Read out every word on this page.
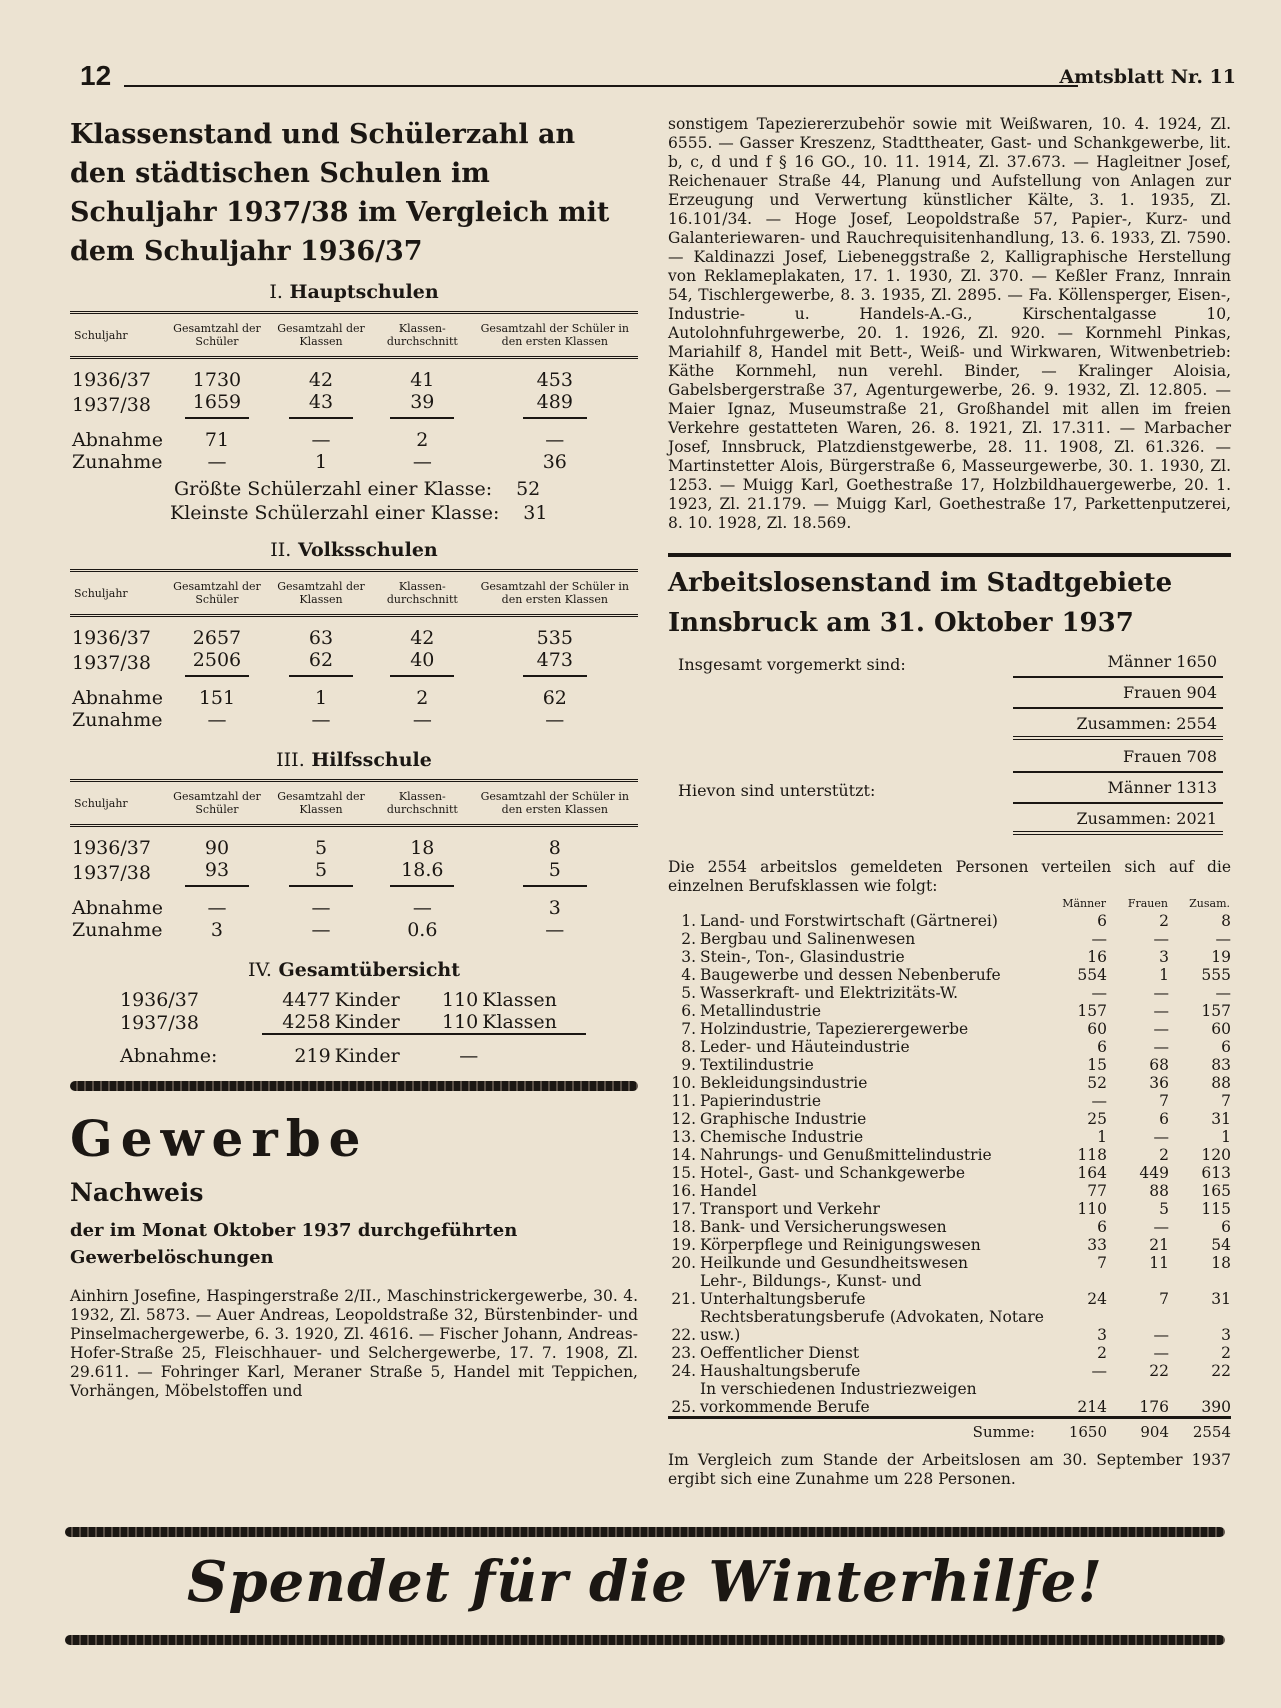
12	Amtsblatt Nr. 11
Klassenstand und Schülerzahl an den städtischen Schulen im Schuljahr 1937/38 im Vergleich mit dem Schuljahr 1936/37
I. Hauptschulen
Schuljahr	Gesamtzahl der Schüler	Gesamtzahl der Klassen	Klassen-durchschnitt	Gesamtzahl der Schüler in den ersten Klassen
1936/37	1730	42	41	453
1937/38	1659	43	39	489
Abnahme	71	—	2	—
Zunahme	—	1	—	36
Größte Schülerzahl einer Klasse: 52
Kleinste Schülerzahl einer Klasse: 31
II. Volksschulen
Schuljahr	Gesamtzahl der Schüler	Gesamtzahl der Klassen	Klassen-durchschnitt	Gesamtzahl der Schüler in den ersten Klassen
1936/37	2657	63	42	535
1937/38	2506	62	40	473
Abnahme	151	1	2	62
Zunahme	—	—	—	—
III. Hilfsschule
Schuljahr	Gesamtzahl der Schüler	Gesamtzahl der Klassen	Klassen-durchschnitt	Gesamtzahl der Schüler in den ersten Klassen
1936/37	90	5	18	8
1937/38	93	5	18.6	5
Abnahme	—	—	—	3
Zunahme	3	—	0.6	—
IV. Gesamtübersicht
1936/37	4477	Kinder	110	Klassen
1937/38	4258	Kinder	110	Klassen
Abnahme:	219	Kinder	—	
Gewerbe
Nachweis
der im Monat Oktober 1937 durchgeführten Gewerbelöschungen
Ainhirn Josefine, Haspingerstraße 2/II., Maschinstrickergewerbe, 30. 4. 1932, Zl. 5873. — Auer Andreas, Leopoldstraße 32, Bürstenbinder- und Pinselmachergewerbe, 6. 3. 1920, Zl. 4616. — Fischer Johann, Andreas-Hofer-Straße 25, Fleischhauer- und Selchergewerbe, 17. 7. 1908, Zl. 29.611. — Fohringer Karl, Meraner Straße 5, Handel mit Teppichen, Vorhängen, Möbelstoffen und
sonstigem Tapeziererzubehör sowie mit Weißwaren, 10. 4. 1924, Zl. 6555. — Gasser Kreszenz, Stadttheater, Gast- und Schankgewerbe, lit. b, c, d und f § 16 GO., 10. 11. 1914, Zl. 37.673. — Hagleitner Josef, Reichenauer Straße 44, Planung und Aufstellung von Anlagen zur Erzeugung und Verwertung künstlicher Kälte, 3. 1. 1935, Zl. 16.101/34. — Hoge Josef, Leopoldstraße 57, Papier-, Kurz- und Galanteriewaren- und Rauchrequisitenhandlung, 13. 6. 1933, Zl. 7590. — Kaldinazzi Josef, Liebeneggstraße 2, Kalligraphische Herstellung von Reklameplakaten, 17. 1. 1930, Zl. 370. — Keßler Franz, Innrain 54, Tischlergewerbe, 8. 3. 1935, Zl. 2895. — Fa. Köllensperger, Eisen-, Industrie- u. Handels-A.-G., Kirschentalgasse 10, Autolohnfuhrgewerbe, 20. 1. 1926, Zl. 920. — Kornmehl Pinkas, Mariahilf 8, Handel mit Bett-, Weiß- und Wirkwaren, Witwenbetrieb: Käthe Kornmehl, nun verehl. Binder, — Kralinger Aloisia, Gabelsbergerstraße 37, Agenturgewerbe, 26. 9. 1932, Zl. 12.805. — Maier Ignaz, Museumstraße 21, Großhandel mit allen im freien Verkehre gestatteten Waren, 26. 8. 1921, Zl. 17.311. — Marbacher Josef, Innsbruck, Platzdienstgewerbe, 28. 11. 1908, Zl. 61.326. — Martinstetter Alois, Bürgerstraße 6, Masseurgewerbe, 30. 1. 1930, Zl. 1253. — Muigg Karl, Goethestraße 17, Holzbildhauergewerbe, 20. 1. 1923, Zl. 21.179. — Muigg Karl, Goethestraße 17, Parkettenputzerei, 8. 10. 1928, Zl. 18.569.
Arbeitslosenstand im Stadtgebiete Innsbruck am 31. Oktober 1937
Insgesamt vorgemerkt sind:	Männer 1650
Frauen 904
Zusammen: 2554
Frauen 708
Hievon sind unterstützt:	Männer 1313
Zusammen: 2021
Die 2554 arbeitslos gemeldeten Personen verteilen sich auf die einzelnen Berufsklassen wie folgt:
		Männer	Frauen	Zusam.
1.	Land- und Forstwirtschaft (Gärtnerei)	6	2	8
2.	Bergbau und Salinenwesen	—	—	—
3.	Stein-, Ton-, Glasindustrie	16	3	19
4.	Baugewerbe und dessen Nebenberufe	554	1	555
5.	Wasserkraft- und Elektrizitäts-W.	—	—	—
6.	Metallindustrie	157	—	157
7.	Holzindustrie, Tapezierergewerbe	60	—	60
8.	Leder- und Häuteindustrie	6	—	6
9.	Textilindustrie	15	68	83
10.	Bekleidungsindustrie	52	36	88
11.	Papierindustrie	—	7	7
12.	Graphische Industrie	25	6	31
13.	Chemische Industrie	1	—	1
14.	Nahrungs- und Genußmittelindustrie	118	2	120
15.	Hotel-, Gast- und Schankgewerbe	164	449	613
16.	Handel	77	88	165
17.	Transport und Verkehr	110	5	115
18.	Bank- und Versicherungswesen	6	—	6
19.	Körperpflege und Reinigungswesen	33	21	54
20.	Heilkunde und Gesundheitswesen	7	11	18
21.	Lehr-, Bildungs-, Kunst- und Unterhaltungsberufe	24	7	31
22.	Rechtsberatungsberufe (Advokaten, Notare usw.)	3	—	3
23.	Oeffentlicher Dienst	2	—	2
24.	Haushaltungsberufe	—	22	22
25.	In verschiedenen Industriezweigen vorkommende Berufe	214	176	390
	Summe:	1650	904	2554
Im Vergleich zum Stande der Arbeitslosen am 30. September 1937 ergibt sich eine Zunahme um 228 Personen.
Spendet für die Winterhilfe!
